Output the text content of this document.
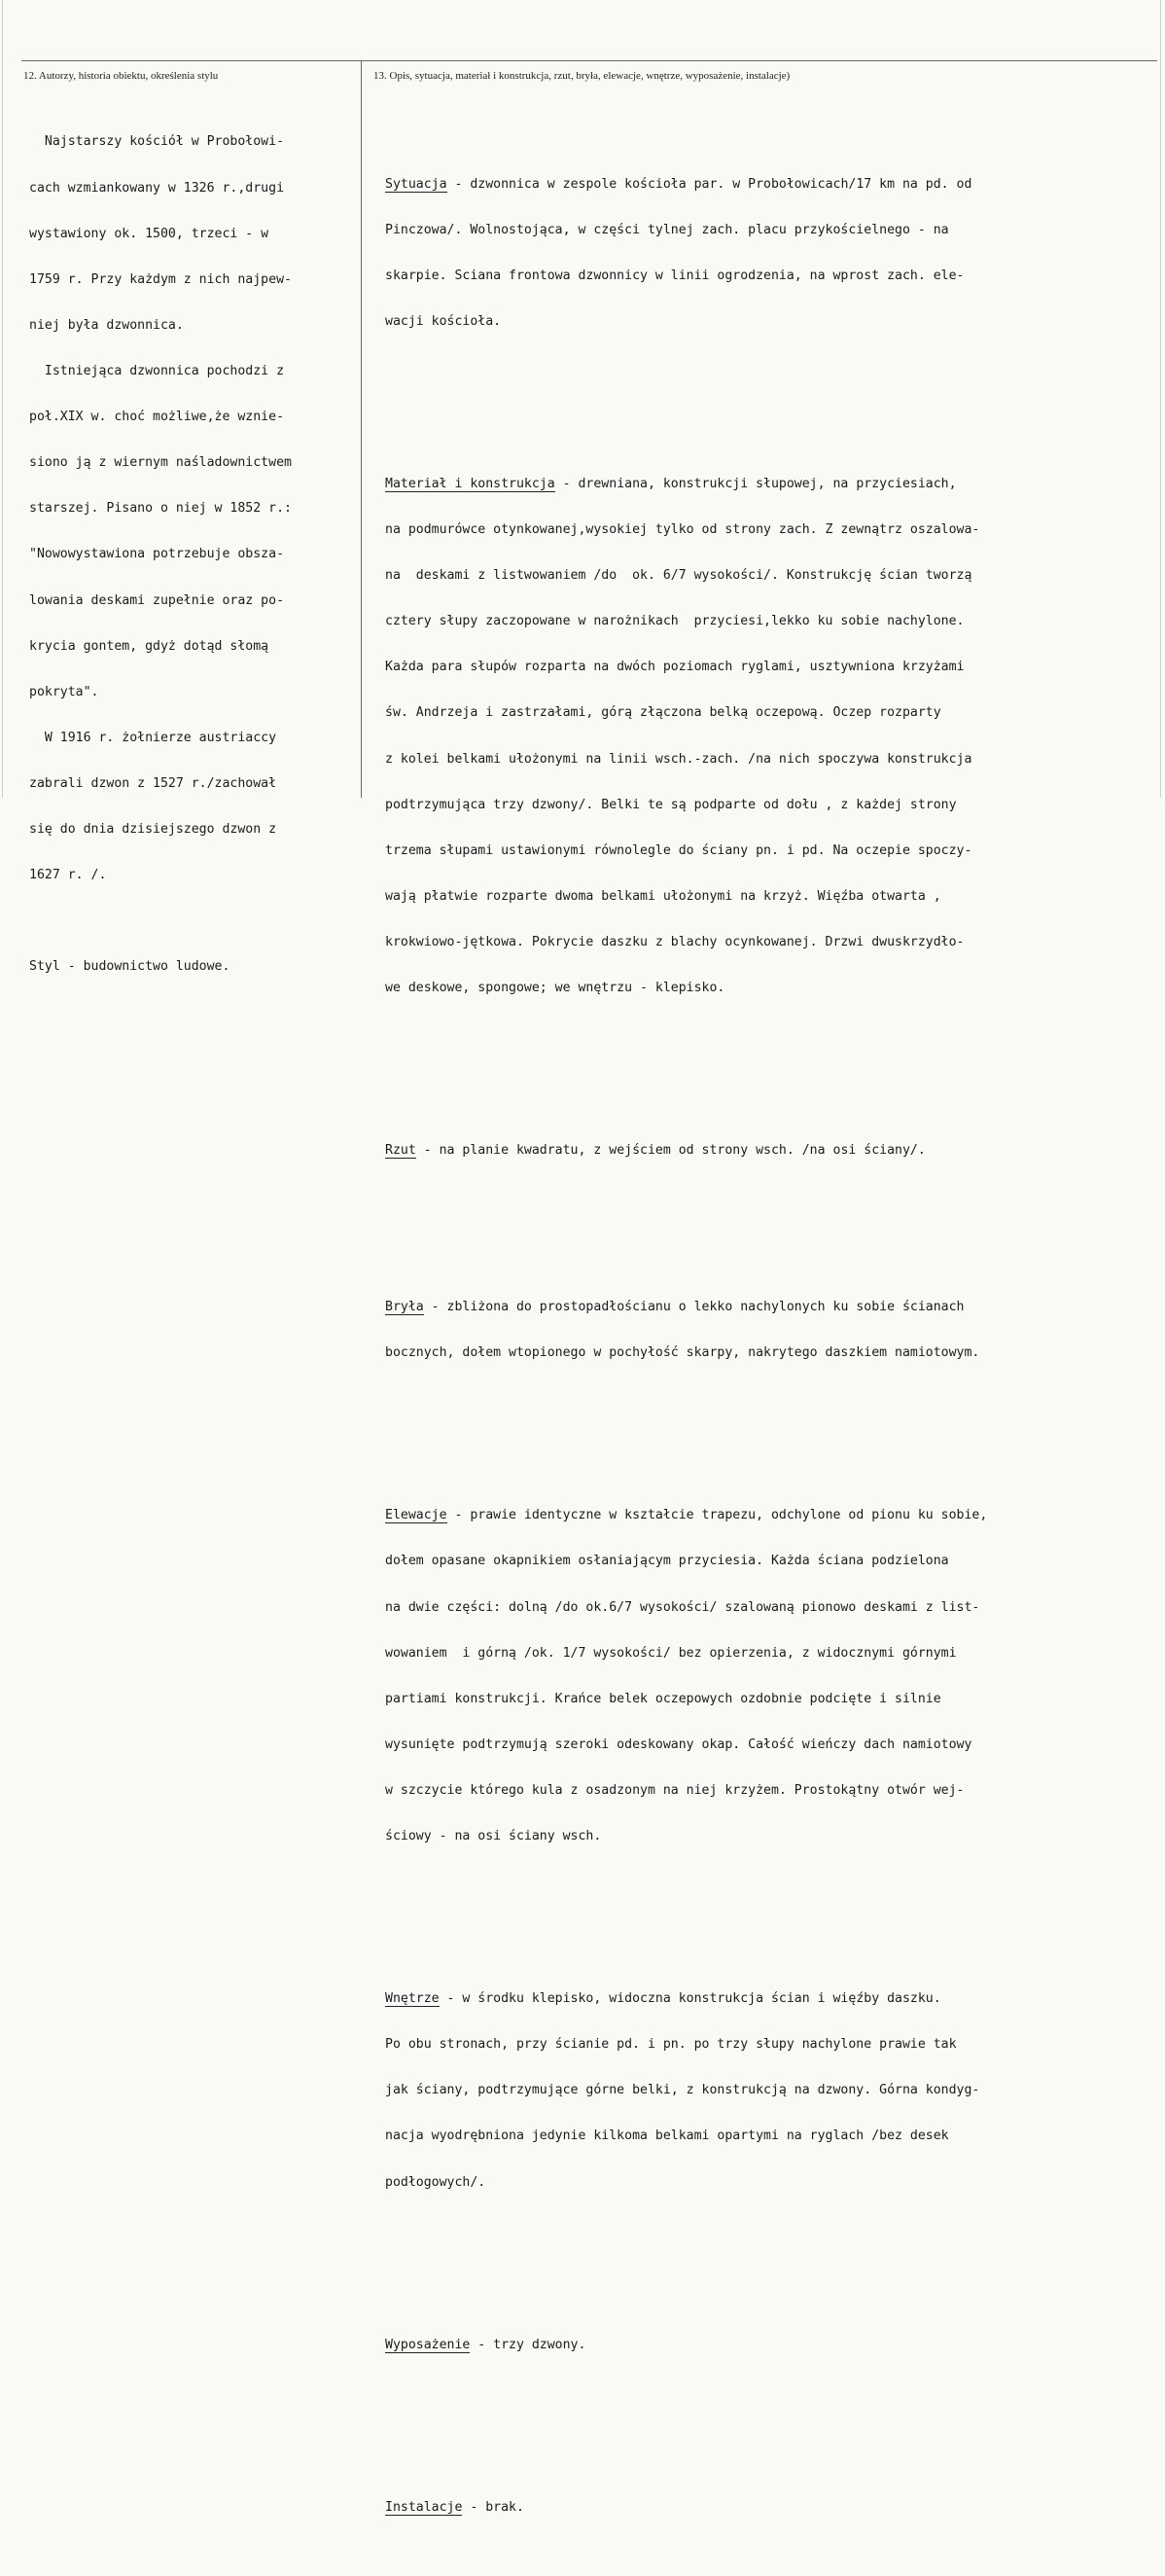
12. Autorzy, historia obiektu, określenia stylu	13. Opis, sytuacja, materiał i konstrukcja, rzut, bryła, elewacje, wnętrze, wyposażenie, instalacje)

Najstarszy kościół w Probołowi-

cach wzmiankowany w 1326 r.,drugi

wystawiony ok. 1500, trzeci - w

1759 r. Przy każdym z nich najpew-

niej była dzwonnica.

Istniejąca dzwonnica pochodzi z

poł.XIX w. choć możliwe,że wznie-

siono ją z wiernym naśladownictwem

starszej. Pisano o niej w 1852 r.:

"Nowowystawiona potrzebuje obsza-

lowania deskami zupełnie oraz po-

krycia gontem, gdyż dotąd słomą

pokryta".

W 1916 r. żołnierze austriaccy

zabrali dzwon z 1527 r./zachował

się do dnia dzisiejszego dzwon z

1627 r. /.

Styl - budownictwo ludowe.

Sytuacja - dzwonnica w zespole kościoła par. w Probołowicach/17 km na pd. od

Pinczowa/. Wolnostojąca, w części tylnej zach. placu przykościelnego - na

skarpie. Sciana frontowa dzwonnicy w linii ogrodzenia, na wprost zach. ele-

wacji kościoła.

Materiał i konstrukcja - drewniana, konstrukcji słupowej, na przyciesiach,

na podmurówce otynkowanej,wysokiej tylko od strony zach. Z zewnątrz oszalowa-

na  deskami z listwowaniem /do  ok. 6/7 wysokości/. Konstrukcję ścian tworzą

cztery słupy zaczopowane w narożnikach  przyciesi,lekko ku sobie nachylone.

Każda para słupów rozparta na dwóch poziomach ryglami, usztywniona krzyżami

św. Andrzeja i zastrzałami, górą złączona belką oczepową. Oczep rozparty

z kolei belkami ułożonymi na linii wsch.-zach. /na nich spoczywa konstrukcja

podtrzymująca trzy dzwony/. Belki te są podparte od dołu , z każdej strony

trzema słupami ustawionymi równolegle do ściany pn. i pd. Na oczepie spoczy-

wają płatwie rozparte dwoma belkami ułożonymi na krzyż. Więźba otwarta ,

krokwiowo-jętkowa. Pokrycie daszku z blachy ocynkowanej. Drzwi dwuskrzydło-

we deskowe, spongowe; we wnętrzu - klepisko.

Rzut - na planie kwadratu, z wejściem od strony wsch. /na osi ściany/.

Bryła - zbliżona do prostopadłościanu o lekko nachylonych ku sobie ścianach

bocznych, dołem wtopionego w pochyłość skarpy, nakrytego daszkiem namiotowym.

Elewacje - prawie identyczne w kształcie trapezu, odchylone od pionu ku sobie,

dołem opasane okapnikiem osłaniającym przyciesia. Każda ściana podzielona

na dwie części: dolną /do ok.6/7 wysokości/ szalowaną pionowo deskami z list-

wowaniem  i górną /ok. 1/7 wysokości/ bez opierzenia, z widocznymi górnymi

partiami konstrukcji. Krańce belek oczepowych ozdobnie podcięte i silnie

wysunięte podtrzymują szeroki odeskowany okap. Całość wieńczy dach namiotowy

w szczycie którego kula z osadzonym na niej krzyżem. Prostokątny otwór wej-

ściowy - na osi ściany wsch.

Wnętrze - w środku klepisko, widoczna konstrukcja ścian i więźby daszku.

Po obu stronach, przy ścianie pd. i pn. po trzy słupy nachylone prawie tak

jak ściany, podtrzymujące górne belki, z konstrukcją na dzwony. Górna kondyg-

nacja wyodrębniona jedynie kilkoma belkami opartymi na ryglach /bez desek

podłogowych/.

Wyposażenie - trzy dzwony.

Instalacje - brak.
